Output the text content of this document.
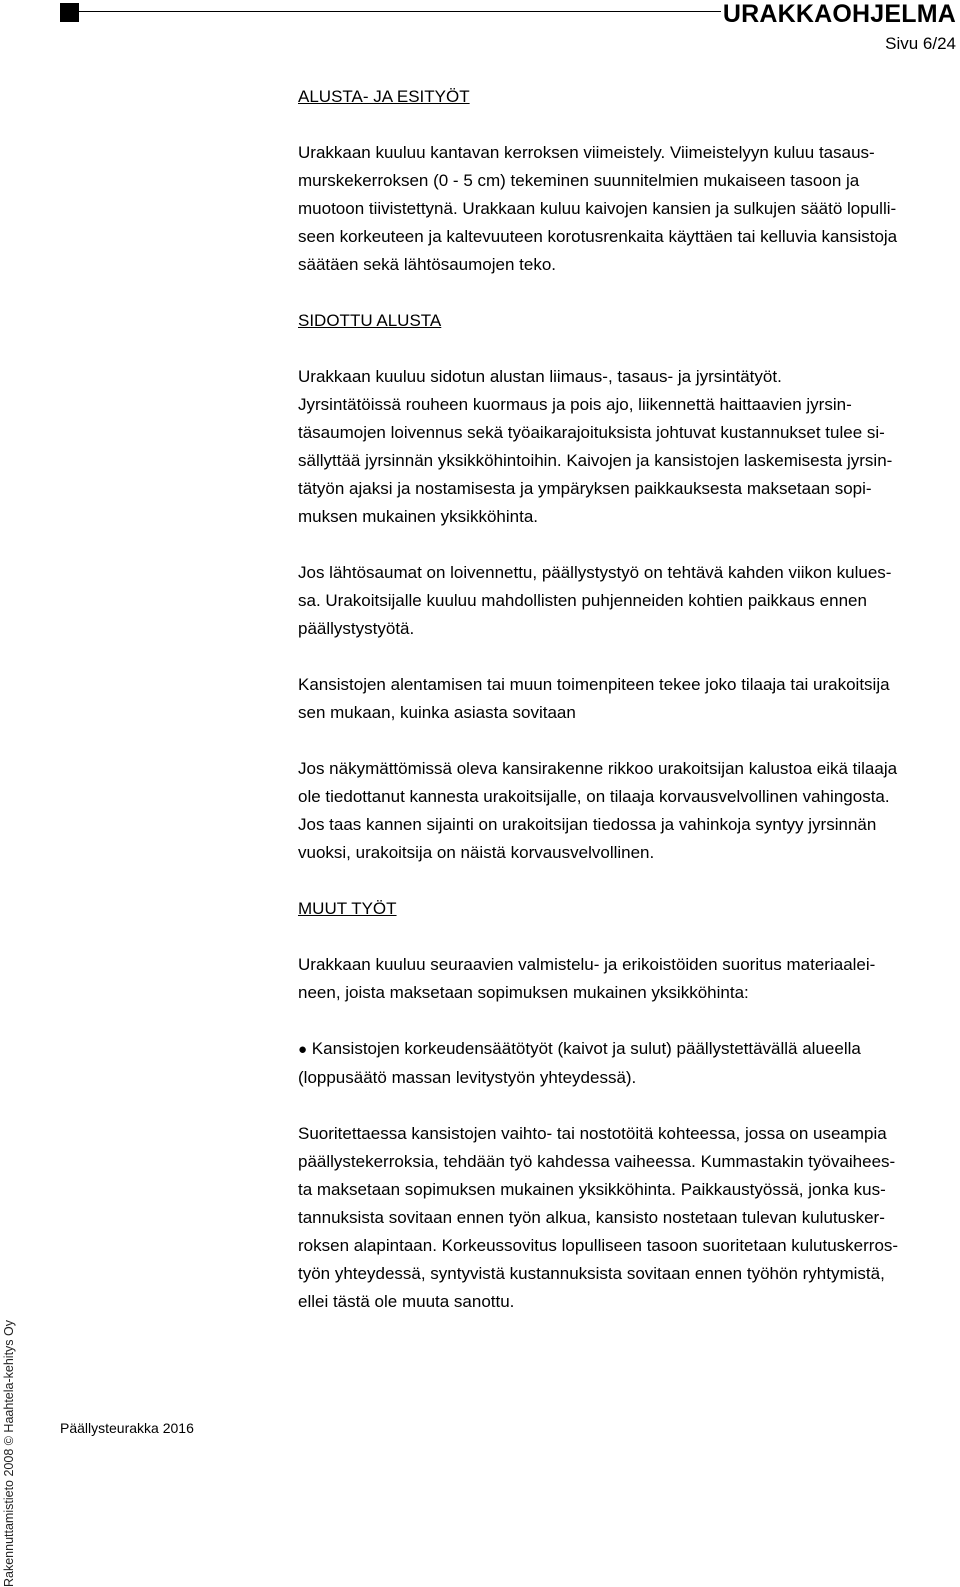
URAKKAOHJELMA
Sivu 6/24
ALUSTA- JA ESITYÖT
Urakkaan kuuluu kantavan kerroksen viimeistely. Viimeistelyyn kuluu tasaus-
murskekerroksen (0 - 5 cm) tekeminen suunnitelmien mukaiseen tasoon ja
muotoon tiivistettynä. Urakkaan kuluu kaivojen kansien ja sulkujen säätö lopulli-
seen korkeuteen ja kaltevuuteen korotusrenkaita käyttäen tai kelluvia kansistoja
säätäen sekä lähtösaumojen teko.
SIDOTTU ALUSTA
Urakkaan kuuluu sidotun alustan liimaus-, tasaus- ja jyrsintätyöt.
Jyrsintätöissä rouheen kuormaus ja pois ajo, liikennettä haittaavien jyrsin-
täsaumojen loivennus sekä työaikarajoituksista johtuvat kustannukset tulee si-
sällyttää jyrsinnän yksikköhintoihin. Kaivojen ja kansistojen laskemisesta jyrsin-
tätyön ajaksi ja nostamisesta ja ympäryksen paikkauksesta maksetaan sopi-
muksen mukainen yksikköhinta.
Jos lähtösaumat on loivennettu, päällystystyö on tehtävä kahden viikon kulues-
sa. Urakoitsijalle kuuluu mahdollisten puhjenneiden kohtien paikkaus ennen
päällystystyötä.
Kansistojen alentamisen tai muun toimenpiteen tekee joko tilaaja tai urakoitsija
sen mukaan, kuinka asiasta sovitaan
Jos näkymättömissä oleva kansirakenne rikkoo urakoitsijan kalustoa eikä tilaaja
ole tiedottanut kannesta urakoitsijalle, on tilaaja korvausvelvollinen vahingosta.
Jos taas kannen sijainti on urakoitsijan tiedossa ja vahinkoja syntyy jyrsinnän
vuoksi, urakoitsija on näistä korvausvelvollinen.
MUUT TYÖT
Urakkaan kuuluu seuraavien valmistelu- ja erikoistöiden suoritus materiaalei-
neen, joista maksetaan sopimuksen mukainen yksikköhinta:
● Kansistojen korkeudensäätötyöt (kaivot ja sulut) päällystettävällä alueella
(loppusäätö massan levitystyön yhteydessä).
Suoritettaessa kansistojen vaihto- tai nostotöitä kohteessa, jossa on useampia
päällystekerroksia, tehdään työ kahdessa vaiheessa. Kummastakin työvaihees-
ta maksetaan sopimuksen mukainen yksikköhinta. Paikkaustyössä, jonka kus-
tannuksista sovitaan ennen työn alkua, kansisto nostetaan tulevan kulutusker-
roksen alapintaan. Korkeussovitus lopulliseen tasoon suoritetaan kulutuskerros-
työn yhteydessä, syntyvistä kustannuksista sovitaan ennen työhön ryhtymistä,
ellei tästä ole muuta sanottu.
Rakennuttamistieto 2008 © Haahtela-kehitys Oy	Päällysteurakka 2016
